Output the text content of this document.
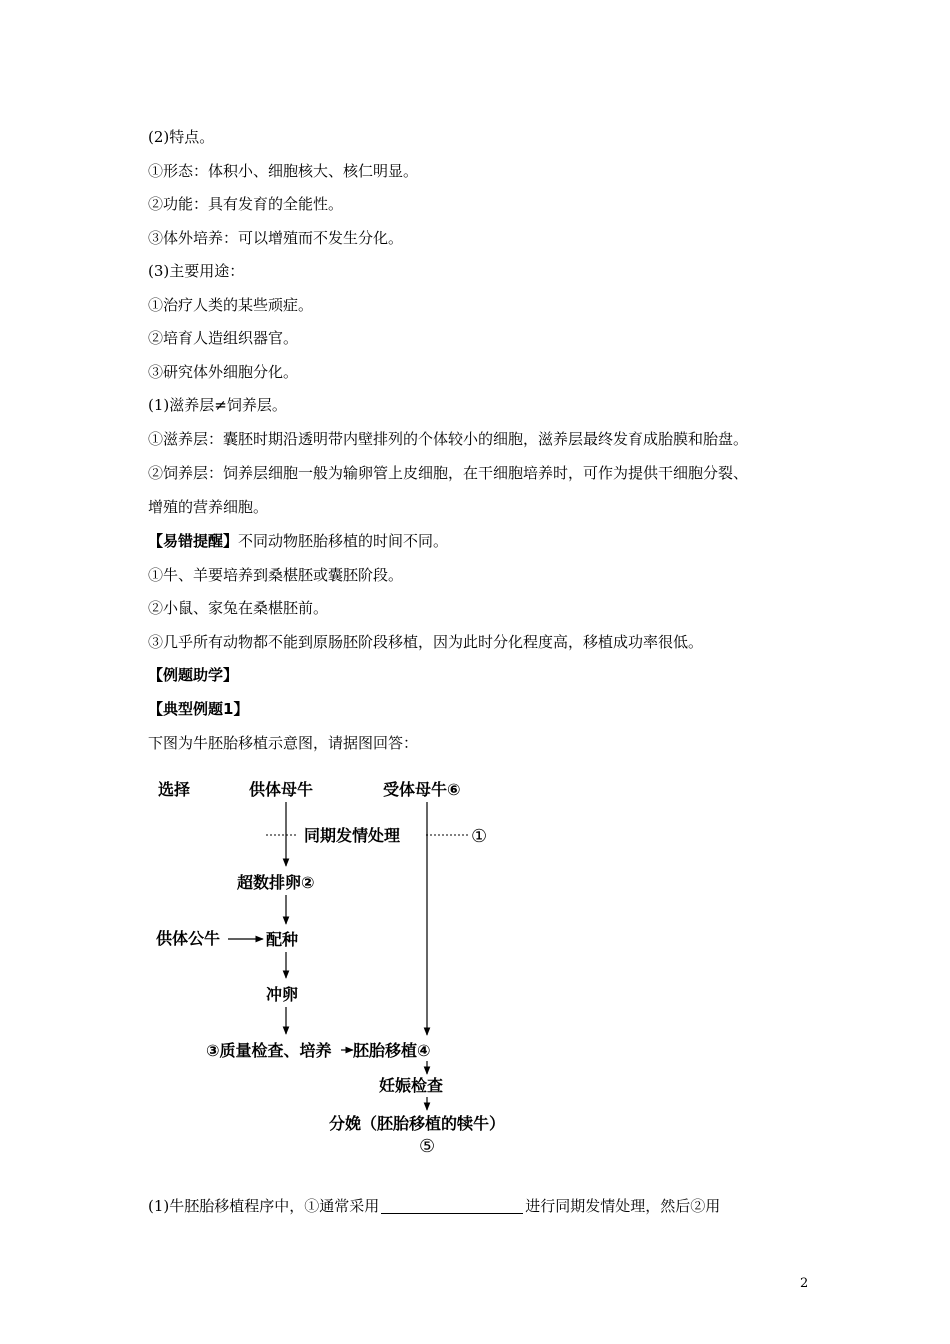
(2)特点。
①形态：体积小、细胞核大、核仁明显。
②功能：具有发育的全能性。
③体外培养：可以增殖而不发生分化。
(3)主要用途：
①治疗人类的某些顽症。
②培育人造组织器官。
③研究体外细胞分化。
(1)滋养层≠饲养层。
①滋养层：囊胚时期沿透明带内壁排列的个体较小的细胞，滋养层最终发育成胎膜和胎盘。
②饲养层：饲养层细胞一般为输卵管上皮细胞，在干细胞培养时，可作为提供干细胞分裂、
增殖的营养细胞。
【易错提醒】不同动物胚胎移植的时间不同。
①牛、羊要培养到桑椹胚或囊胚阶段。
②小鼠、家兔在桑椹胚前。
③几乎所有动物都不能到原肠胚阶段移植，因为此时分化程度高，移植成功率很低。
【例题助学】
【典型例题1】
下图为牛胚胎移植示意图，请据图回答：
选择	供体母牛	受体母牛⑥
同期发情处理	①
超数排卵②
供体公牛	配种
冲卵
③质量检查、培养 胚胎移植④
妊娠检查
分娩（胚胎移植的犊牛）
⑤
(1)牛胚胎移植程序中，①通常采用	进行同期发情处理，然后②用
2
